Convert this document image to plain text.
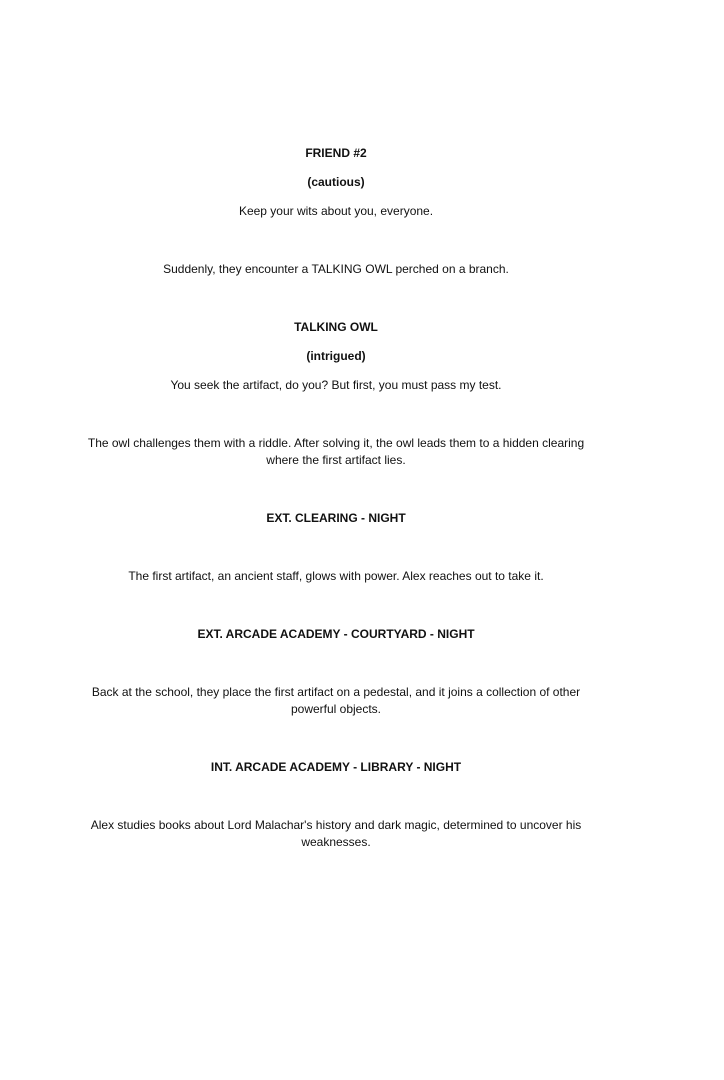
FRIEND #2
(cautious)
Keep your wits about you, everyone.
Suddenly, they encounter a TALKING OWL perched on a branch.
TALKING OWL
(intrigued)
You seek the artifact, do you? But first, you must pass my test.
The owl challenges them with a riddle. After solving it, the owl leads them to a hidden clearing where the first artifact lies.
EXT. CLEARING - NIGHT
The first artifact, an ancient staff, glows with power. Alex reaches out to take it.
EXT. ARCADE ACADEMY - COURTYARD - NIGHT
Back at the school, they place the first artifact on a pedestal, and it joins a collection of other powerful objects.
INT. ARCADE ACADEMY - LIBRARY - NIGHT
Alex studies books about Lord Malachar's history and dark magic, determined to uncover his weaknesses.
